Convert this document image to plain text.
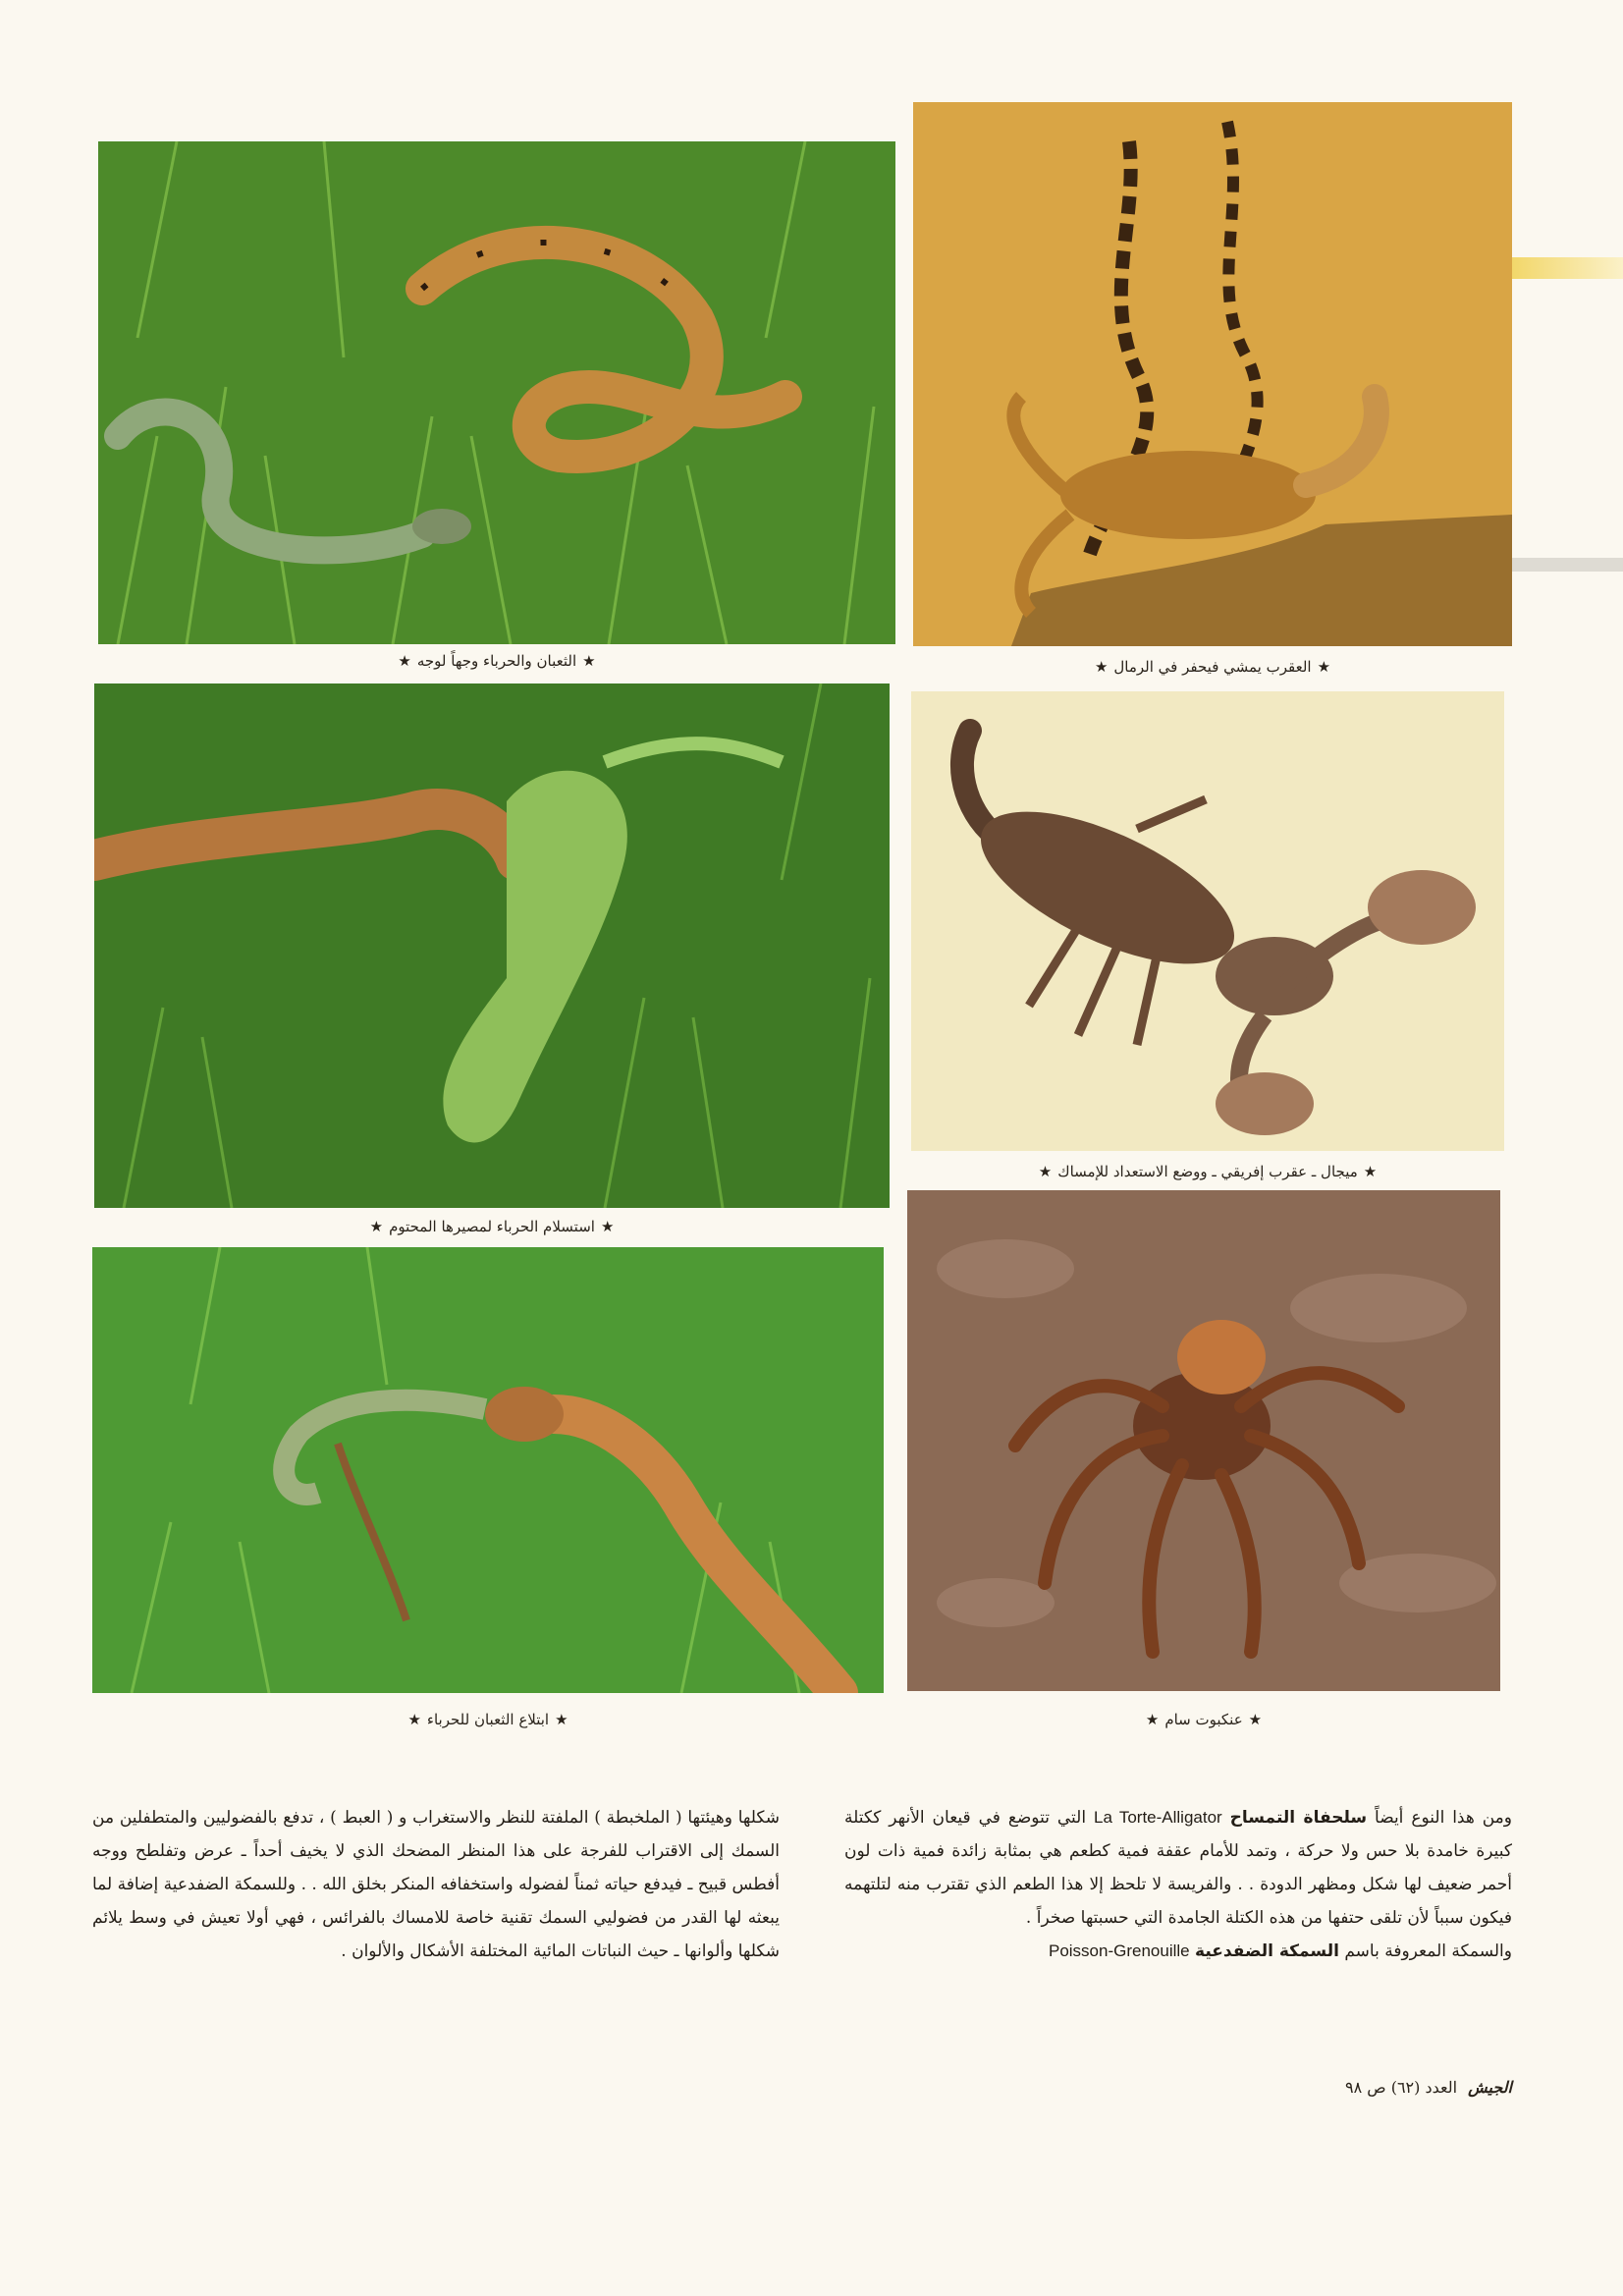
★الثعبان والحرباء وجهاً لوجه★	★العقرب يمشي فيحفر في الرمال★
★استسلام الحرباء لمصيرها المحتوم★
★ميجال ـ عقرب إفريقي ـ ووضع الاستعداد للإمساك★
★ابتلاع الثعبان للحرباء★	★عنكبوت سام★

ومن هذا النوع أيضاً سلحفاة التمساح La Torte-Alligator التي تتوضع في قيعان الأنهر ككتلة كبيرة خامدة بلا حس ولا حركة ، وتمد للأمام عقفة فمية كطعم هي بمثابة زائدة فمية ذات لون أحمر ضعيف لها شكل ومظهر الدودة . . والفريسة لا تلحظ إلا هذا الطعم الذي تقترب منه لتلتهمه فيكون سبباً لأن تلقى حتفها من هذه الكتلة الجامدة التي حسبتها صخراً .

والسمكة المعروفة باسم السمكة الضفدعية Poisson-Grenouille

شكلها وهيئتها ( الملخبطة ) الملفتة للنظر والاستغراب و ( العبط ) ، تدفع بالفضوليين والمتطفلين من السمك إلى الاقتراب للفرجة على هذا المنظر المضحك الذي لا يخيف أحداً ـ عرض وتفلطح ووجه أفطس قبيح ـ فيدفع حياته ثمناً لفضوله واستخفافه المنكر بخلق الله . . وللسمكة الضفدعية إضافة لما يبعثه لها القدر من فضوليي السمك تقنية خاصة للامساك بالفرائس ، فهي أولا تعيش في وسط يلائم شكلها وألوانها ـ حيث النباتات المائية المختلفة الأشكال والألوان .

الجيش العدد (٦٢) ص ٩٨
